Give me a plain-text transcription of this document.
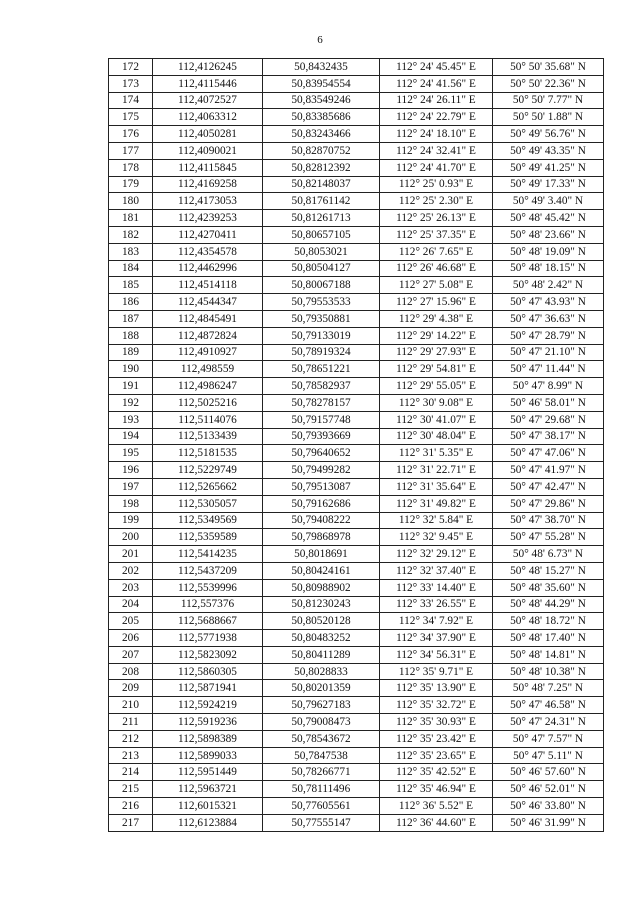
6
172	112,4126245	50,8432435	112° 24' 45.45" E	50° 50' 35.68" N
173	112,4115446	50,83954554	112° 24' 41.56" E	50° 50' 22.36" N
174	112,4072527	50,83549246	112° 24' 26.11" E	50° 50' 7.77" N
175	112,4063312	50,83385686	112° 24' 22.79" E	50° 50' 1.88" N
176	112,4050281	50,83243466	112° 24' 18.10" E	50° 49' 56.76" N
177	112,4090021	50,82870752	112° 24' 32.41" E	50° 49' 43.35" N
178	112,4115845	50,82812392	112° 24' 41.70" E	50° 49' 41.25" N
179	112,4169258	50,82148037	112° 25' 0.93" E	50° 49' 17.33" N
180	112,4173053	50,81761142	112° 25' 2.30" E	50° 49' 3.40" N
181	112,4239253	50,81261713	112° 25' 26.13" E	50° 48' 45.42" N
182	112,4270411	50,80657105	112° 25' 37.35" E	50° 48' 23.66" N
183	112,4354578	50,8053021	112° 26' 7.65" E	50° 48' 19.09" N
184	112,4462996	50,80504127	112° 26' 46.68" E	50° 48' 18.15" N
185	112,4514118	50,80067188	112° 27' 5.08" E	50° 48' 2.42" N
186	112,4544347	50,79553533	112° 27' 15.96" E	50° 47' 43.93" N
187	112,4845491	50,79350881	112° 29' 4.38" E	50° 47' 36.63" N
188	112,4872824	50,79133019	112° 29' 14.22" E	50° 47' 28.79" N
189	112,4910927	50,78919324	112° 29' 27.93" E	50° 47' 21.10" N
190	112,498559	50,78651221	112° 29' 54.81" E	50° 47' 11.44" N
191	112,4986247	50,78582937	112° 29' 55.05" E	50° 47' 8.99" N
192	112,5025216	50,78278157	112° 30' 9.08" E	50° 46' 58.01" N
193	112,5114076	50,79157748	112° 30' 41.07" E	50° 47' 29.68" N
194	112,5133439	50,79393669	112° 30' 48.04" E	50° 47' 38.17" N
195	112,5181535	50,79640652	112° 31' 5.35" E	50° 47' 47.06" N
196	112,5229749	50,79499282	112° 31' 22.71" E	50° 47' 41.97" N
197	112,5265662	50,79513087	112° 31' 35.64" E	50° 47' 42.47" N
198	112,5305057	50,79162686	112° 31' 49.82" E	50° 47' 29.86" N
199	112,5349569	50,79408222	112° 32' 5.84" E	50° 47' 38.70" N
200	112,5359589	50,79868978	112° 32' 9.45" E	50° 47' 55.28" N
201	112,5414235	50,8018691	112° 32' 29.12" E	50° 48' 6.73" N
202	112,5437209	50,80424161	112° 32' 37.40" E	50° 48' 15.27" N
203	112,5539996	50,80988902	112° 33' 14.40" E	50° 48' 35.60" N
204	112,557376	50,81230243	112° 33' 26.55" E	50° 48' 44.29" N
205	112,5688667	50,80520128	112° 34' 7.92" E	50° 48' 18.72" N
206	112,5771938	50,80483252	112° 34' 37.90" E	50° 48' 17.40" N
207	112,5823092	50,80411289	112° 34' 56.31" E	50° 48' 14.81" N
208	112,5860305	50,8028833	112° 35' 9.71" E	50° 48' 10.38" N
209	112,5871941	50,80201359	112° 35' 13.90" E	50° 48' 7.25" N
210	112,5924219	50,79627183	112° 35' 32.72" E	50° 47' 46.58" N
211	112,5919236	50,79008473	112° 35' 30.93" E	50° 47' 24.31" N
212	112,5898389	50,78543672	112° 35' 23.42" E	50° 47' 7.57" N
213	112,5899033	50,7847538	112° 35' 23.65" E	50° 47' 5.11" N
214	112,5951449	50,78266771	112° 35' 42.52" E	50° 46' 57.60" N
215	112,5963721	50,78111496	112° 35' 46.94" E	50° 46' 52.01" N
216	112,6015321	50,77605561	112° 36' 5.52" E	50° 46' 33.80" N
217	112,6123884	50,77555147	112° 36' 44.60" E	50° 46' 31.99" N
